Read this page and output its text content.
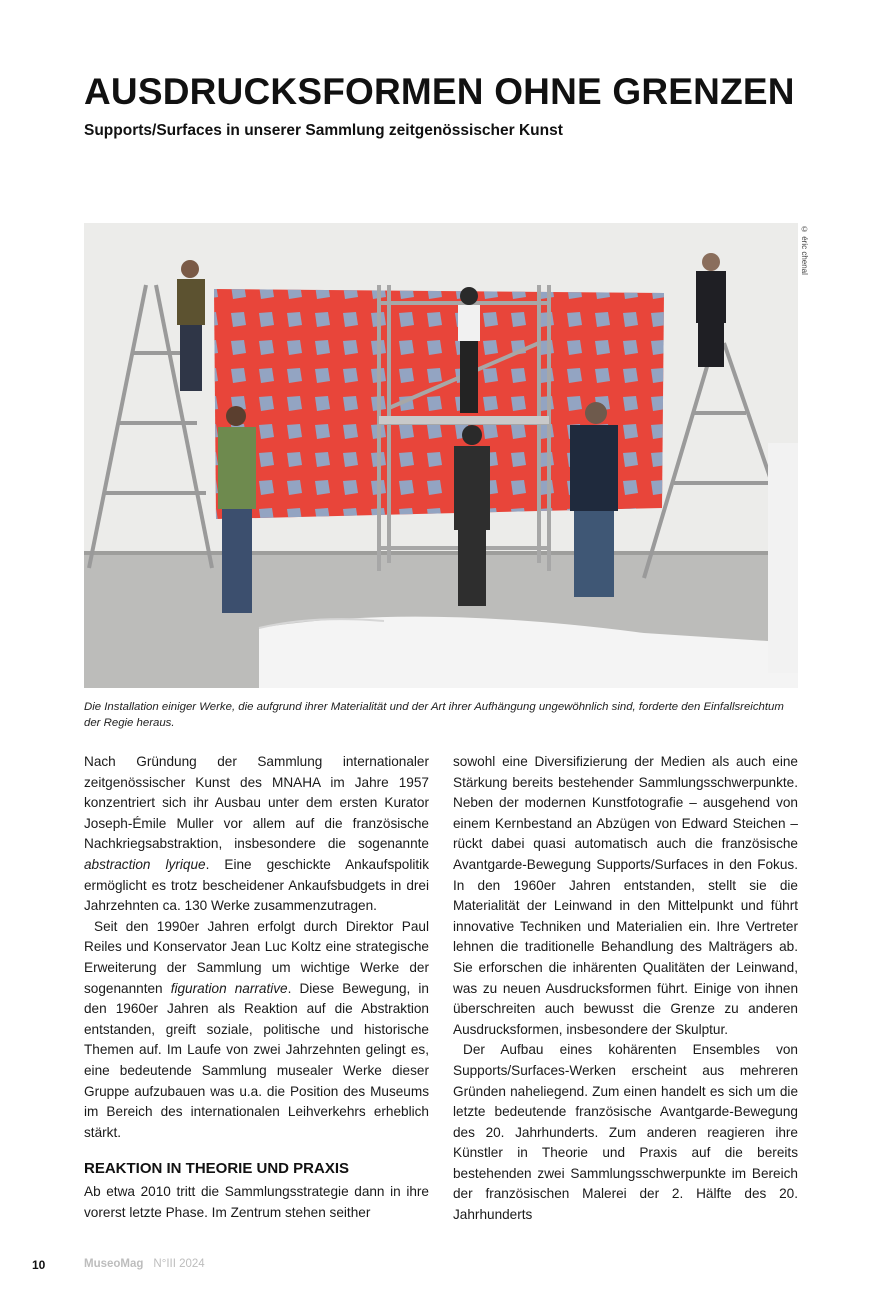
AUSDRUCKSFORMEN OHNE GRENZEN
Supports/Surfaces in unserer Sammlung zeitgenössischer Kunst
© éric chenal

Die Installation einiger Werke, die aufgrund ihrer Materialität und der Art ihrer Aufhängung ungewöhnlich sind, forderte den Einfallsreichtum der Regie heraus.

Nach Gründung der Sammlung internationaler zeitgenössischer Kunst des MNAHA im Jahre 1957 konzentriert sich ihr Ausbau unter dem ersten Kurator Joseph-Émile Muller vor allem auf die französische Nachkriegsabstraktion, insbesondere die sogenannte abstraction lyrique. Eine geschickte Ankaufspolitik ermöglicht es trotz bescheidener Ankaufsbudgets in drei Jahrzehnten ca. 130 Werke zusammenzutragen.

Seit den 1990er Jahren erfolgt durch Direktor Paul Reiles und Konservator Jean Luc Koltz eine strategische Erweiterung der Sammlung um wichtige Werke der sogenannten figuration narrative. Diese Bewegung, in den 1960er Jahren als Reaktion auf die Abstraktion entstanden, greift soziale, politische und historische Themen auf. Im Laufe von zwei Jahrzehnten gelingt es, eine bedeutende Sammlung musealer Werke dieser Gruppe aufzubauen was u.a. die Position des Museums im Bereich des internationalen Leihverkehrs erheblich stärkt.

REAKTION IN THEORIE UND PRAXIS

Ab etwa 2010 tritt die Sammlungsstrategie dann in ihre vorerst letzte Phase. Im Zentrum stehen seither

sowohl eine Diversifizierung der Medien als auch eine Stärkung bereits bestehender Sammlungsschwerpunkte. Neben der modernen Kunstfotografie – ausgehend von einem Kernbestand an Abzügen von Edward Steichen – rückt dabei quasi automatisch auch die französische Avantgarde-Bewegung Supports/Surfaces in den Fokus. In den 1960er Jahren entstanden, stellt sie die Materialität der Leinwand in den Mittelpunkt und führt innovative Techniken und Materialien ein. Ihre Vertreter lehnen die traditionelle Behandlung des Malträgers ab. Sie erforschen die inhärenten Qualitäten der Leinwand, was zu neuen Ausdrucksformen führt. Einige von ihnen überschreiten auch bewusst die Grenze zu anderen Ausdrucksformen, insbesondere der Skulptur.

Der Aufbau eines kohärenten Ensembles von Supports/Surfaces-Werken erscheint aus mehreren Gründen naheliegend. Zum einen handelt es sich um die letzte bedeutende französische Avantgarde-Bewegung des 20. Jahrhunderts. Zum anderen reagieren ihre Künstler in Theorie und Praxis auf die bereits bestehenden zwei Sammlungsschwerpunkte im Bereich der französischen Malerei der 2. Hälfte des 20. Jahrhunderts

10	MuseoMag N°III 2024
